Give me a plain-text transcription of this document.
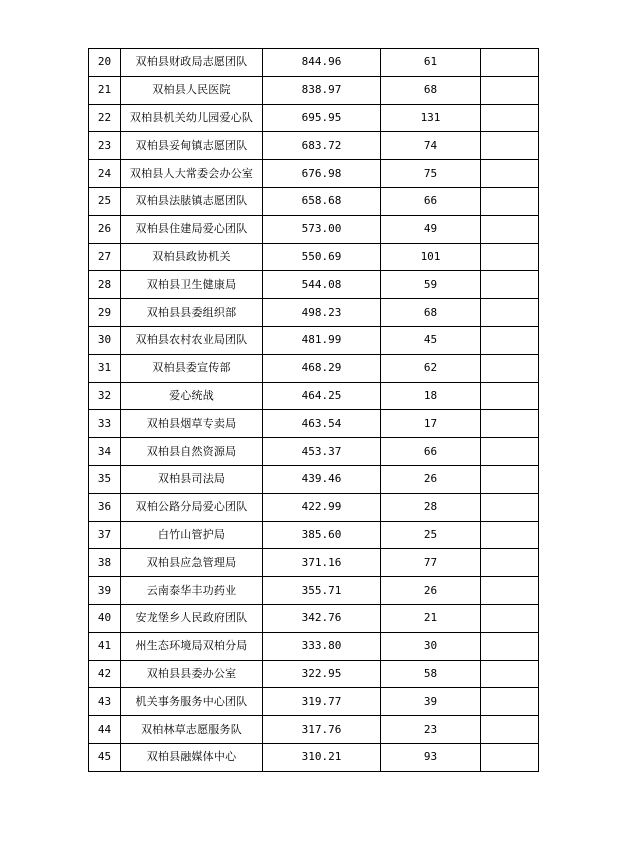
20	双柏县财政局志愿团队	844.96	61	
21	双柏县人民医院	838.97	68	
22	双柏县机关幼儿园爱心队	695.95	131	
23	双柏县妥甸镇志愿团队	683.72	74	
24	双柏县人大常委会办公室	676.98	75	
25	双柏县法脿镇志愿团队	658.68	66	
26	双柏县住建局爱心团队	573.00	49	
27	双柏县政协机关	550.69	101	
28	双柏县卫生健康局	544.08	59	
29	双柏县县委组织部	498.23	68	
30	双柏县农村农业局团队	481.99	45	
31	双柏县委宣传部	468.29	62	
32	爱心统战	464.25	18	
33	双柏县烟草专卖局	463.54	17	
34	双柏县自然资源局	453.37	66	
35	双柏县司法局	439.46	26	
36	双柏公路分局爱心团队	422.99	28	
37	白竹山管护局	385.60	25	
38	双柏县应急管理局	371.16	77	
39	云南泰华丰功药业	355.71	26	
40	安龙堡乡人民政府团队	342.76	21	
41	州生态环境局双柏分局	333.80	30	
42	双柏县县委办公室	322.95	58	
43	机关事务服务中心团队	319.77	39	
44	双柏林草志愿服务队	317.76	23	
45	双柏县融媒体中心	310.21	93	
